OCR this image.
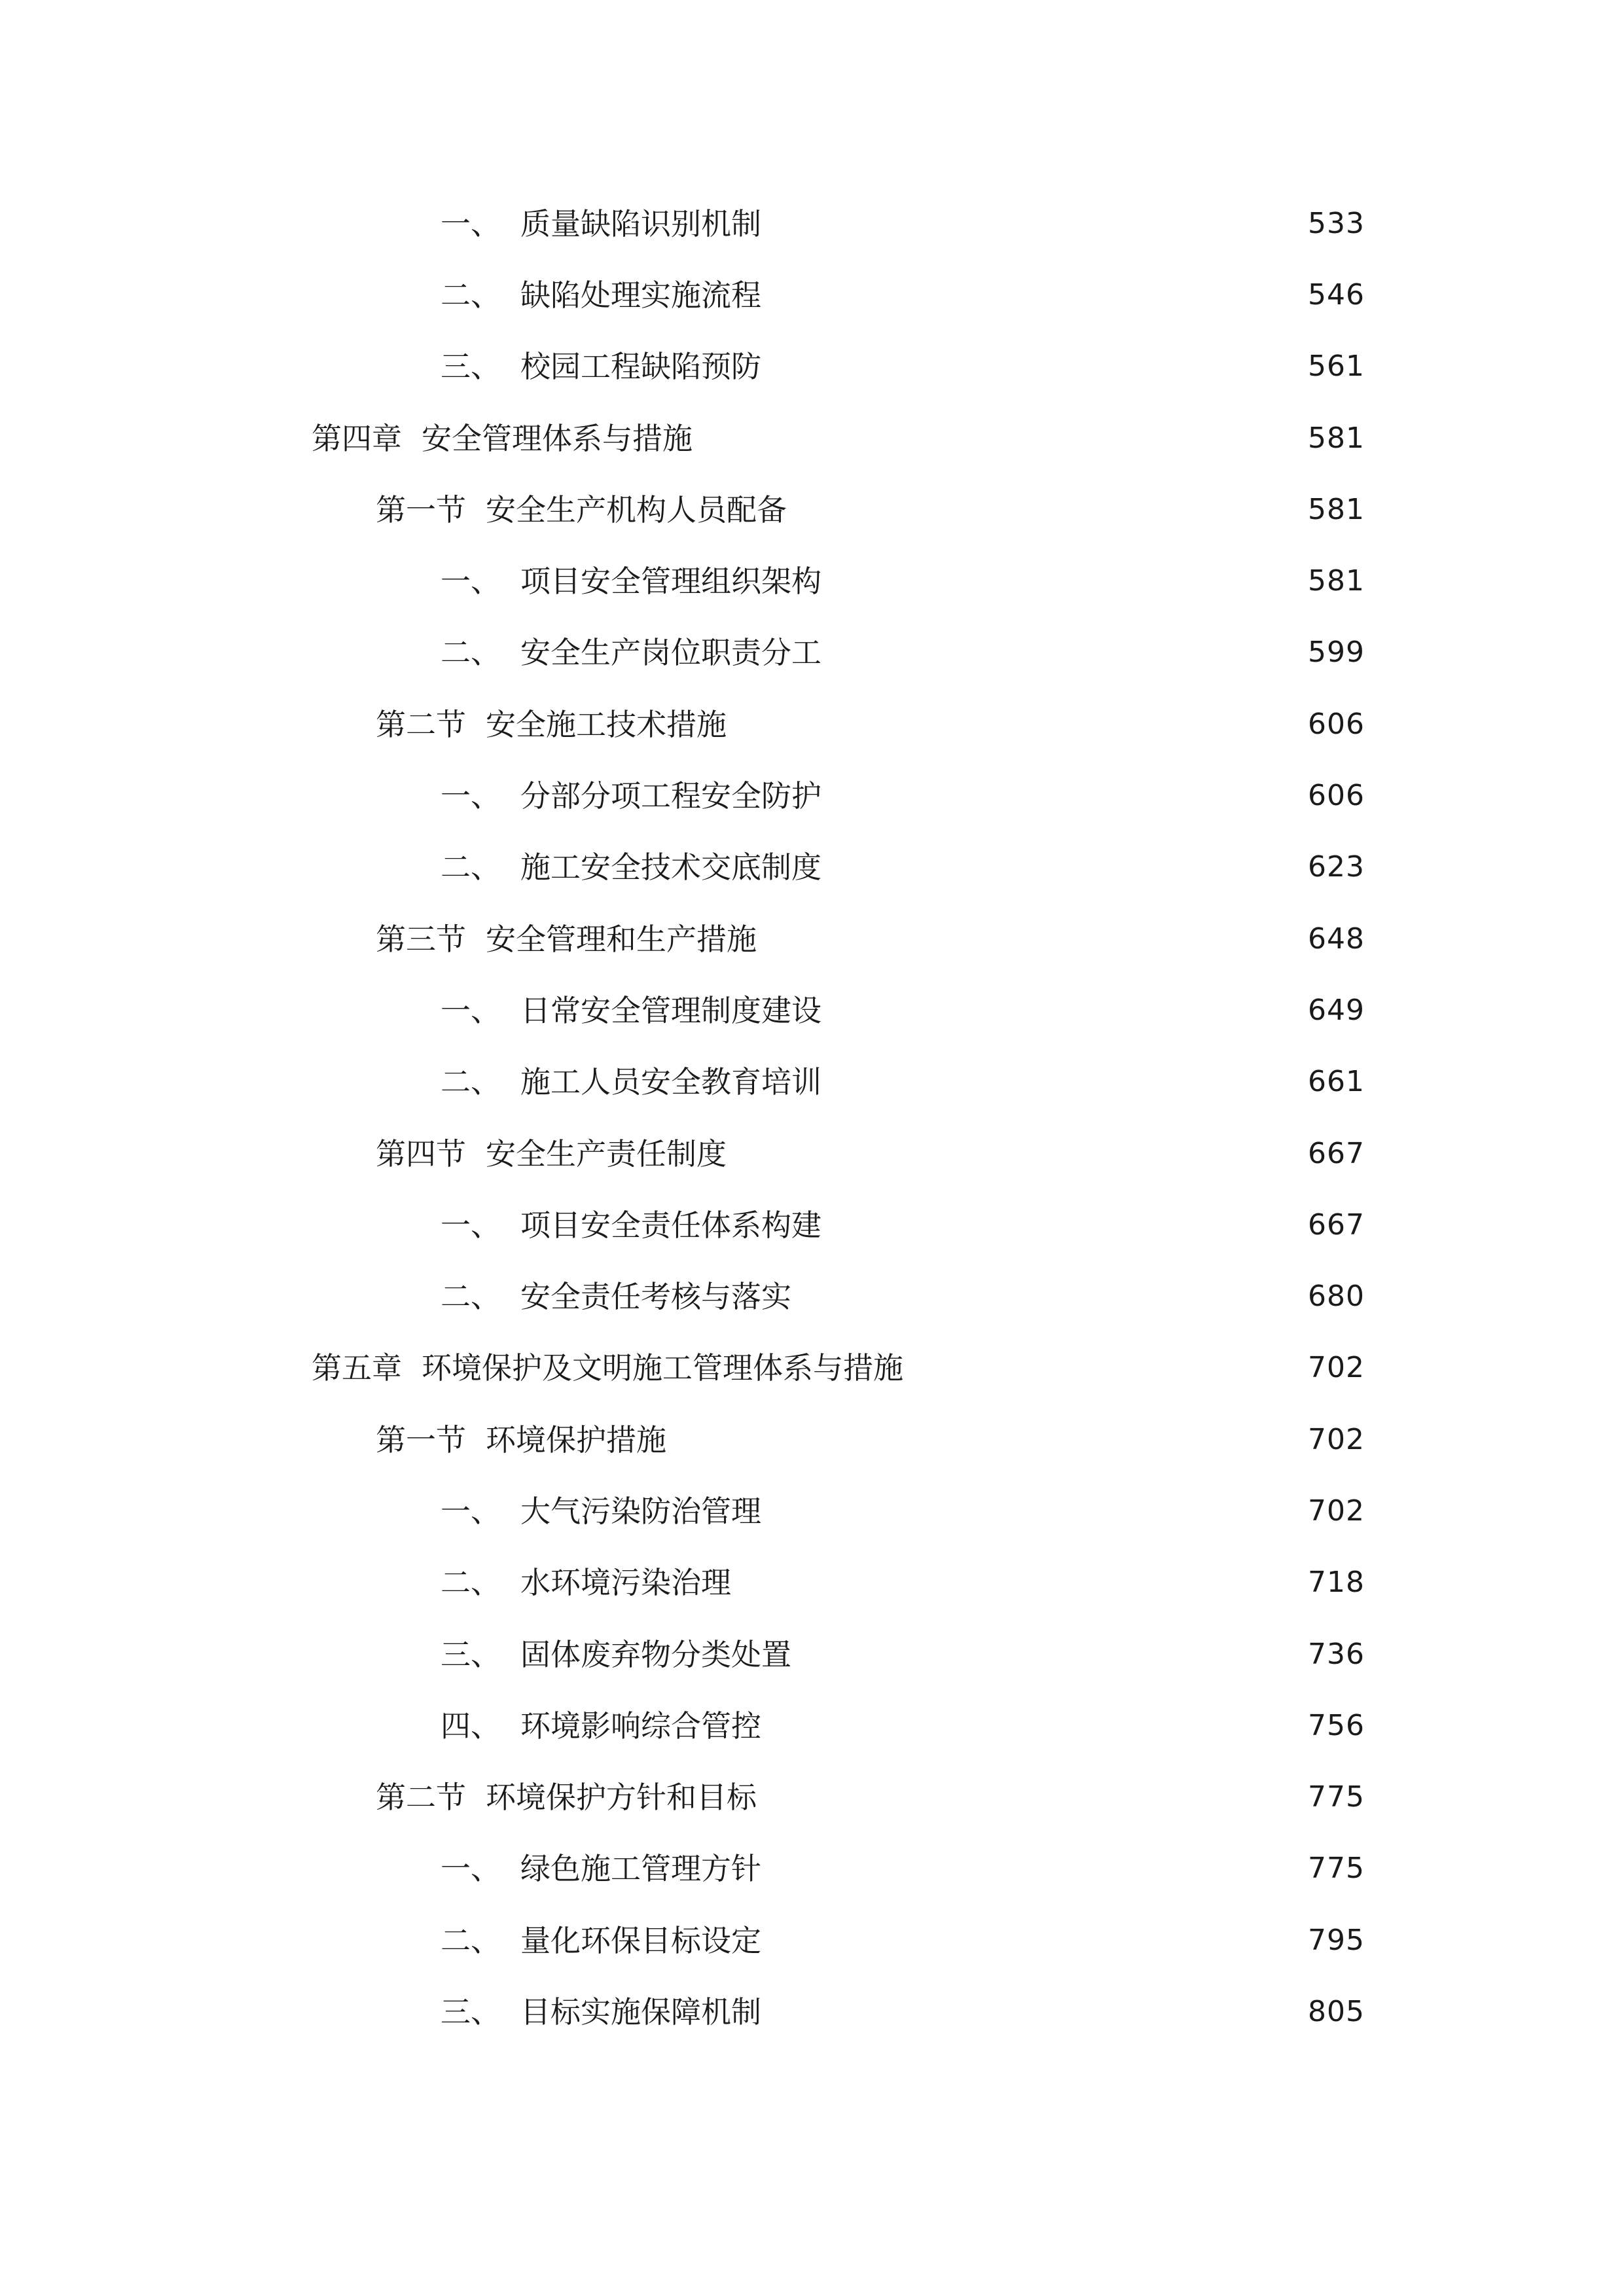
一、 质量缺陷识别机制	533
二、 缺陷处理实施流程	546
三、 校园工程缺陷预防	561
第四章 安全管理体系与措施	581
第一节 安全生产机构人员配备	581
一、 项目安全管理组织架构	581
二、 安全生产岗位职责分工	599
第二节 安全施工技术措施	606
一、 分部分项工程安全防护	606
二、 施工安全技术交底制度	623
第三节 安全管理和生产措施	648
一、 日常安全管理制度建设	649
二、 施工人员安全教育培训	661
第四节 安全生产责任制度	667
一、 项目安全责任体系构建	667
二、 安全责任考核与落实	680
第五章 环境保护及文明施工管理体系与措施	702
第一节 环境保护措施	702
一、 大气污染防治管理	702
二、 水环境污染治理	718
三、 固体废弃物分类处置	736
四、 环境影响综合管控	756
第二节 环境保护方针和目标	775
一、 绿色施工管理方针	775
二、 量化环保目标设定	795
三、 目标实施保障机制	805
